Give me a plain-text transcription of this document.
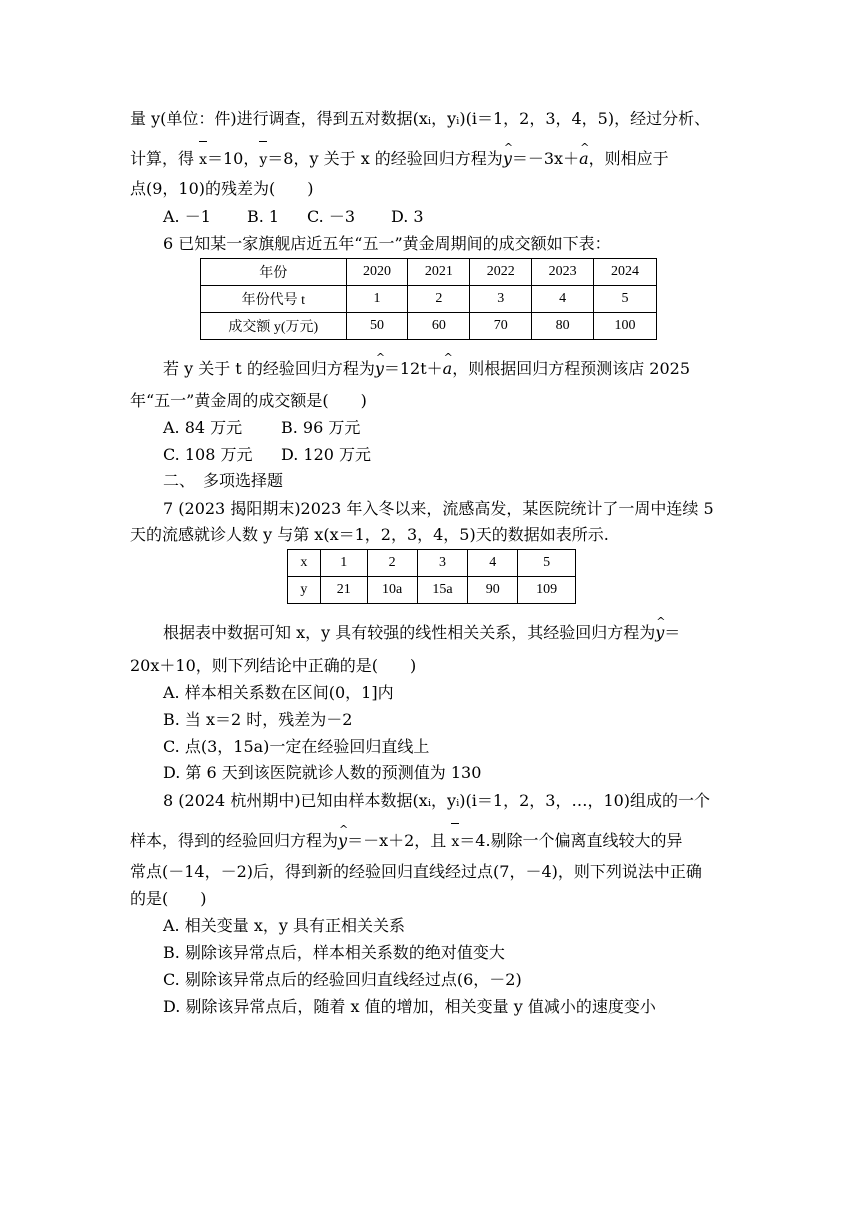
量 y(单位：件)进行调查，得到五对数据(xᵢ，yᵢ)(i＝1，2，3，4，5)，经过分析、
计算，得 x＝10，y＝8，y 关于 x 的经验回归方程为^ y＝－3x＋^ a，则相应于
点(9，10)的残差为(　　)
A. －1 B. 1 C. －3 D. 3
6 已知某一家旗舰店近五年“五一”黄金周期间的成交额如下表：
年份	2020	2021	2022	2023	2024
年份代号 t	1	2	3	4	5
成交额 y(万元)	50	60	70	80	100
若 y 关于 t 的经验回归方程为^ y＝12t＋^ a，则根据回归方程预测该店 2025
年“五一”黄金周的成交额是(　　)
A. 84 万元 B. 96 万元
C. 108 万元 D. 120 万元
二、　多项选择题
7 (2023 揭阳期末)2023 年入冬以来，流感高发，某医院统计了一周中连续 5
天的流感就诊人数 y 与第 x(x＝1，2，3，4，5)天的数据如表所示.
x	1	2	3	4	5
y	21	10a	15a	90	109
根据表中数据可知 x，y 具有较强的线性相关关系，其经验回归方程为^ y＝
20x＋10，则下列结论中正确的是(　　)
A. 样本相关系数在区间(0，1]内
B. 当 x＝2 时，残差为－2
C. 点(3，15a)一定在经验回归直线上
D. 第 6 天到该医院就诊人数的预测值为 130
8 (2024 杭州期中)已知由样本数据(xᵢ，yᵢ)(i＝1，2，3，…，10)组成的一个
样本，得到的经验回归方程为^ y＝－x＋2，且 x＝4.剔除一个偏离直线较大的异
常点(－14，－2)后，得到新的经验回归直线经过点(7，－4)，则下列说法中正确
的是(　　)
A. 相关变量 x，y 具有正相关关系
B. 剔除该异常点后，样本相关系数的绝对值变大
C. 剔除该异常点后的经验回归直线经过点(6，－2)
D. 剔除该异常点后，随着 x 值的增加，相关变量 y 值减小的速度变小
